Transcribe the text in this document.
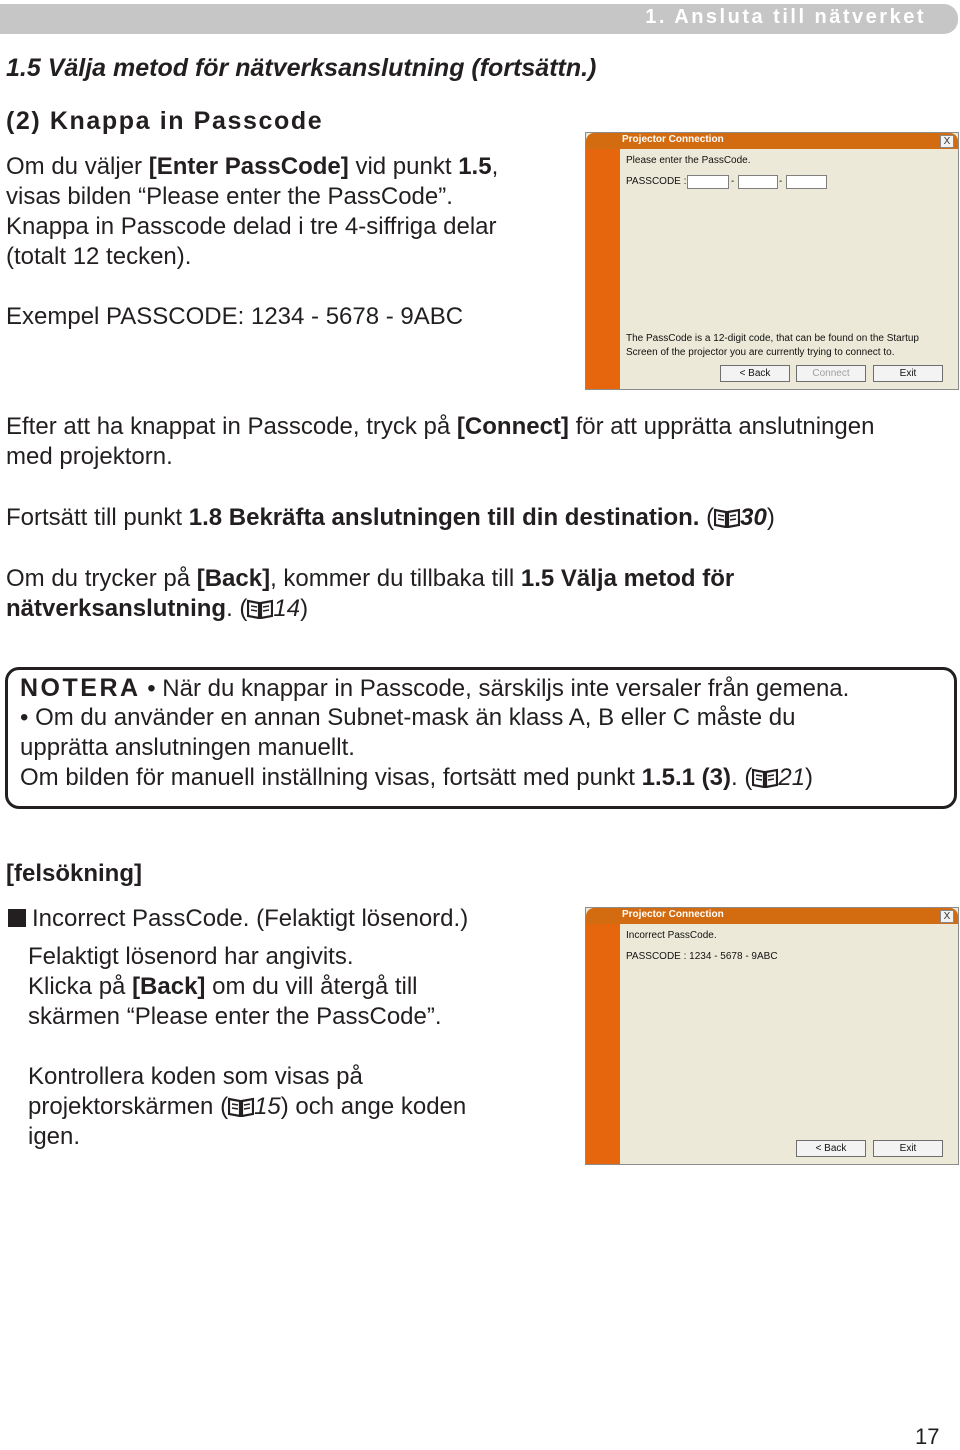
1. Ansluta till nätverket
1.5 Välja metod för nätverksanslutning (fortsättn.)
(2) Knappa in Passcode
Om du väljer [Enter PassCode] vid punkt 1.5,
visas bilden “Please enter the PassCode”.
Knappa in Passcode delad i tre 4-siffriga delar
(totalt 12 tecken).
Exempel PASSCODE: 1234 - 5678 - 9ABC
Projector Connection	X
Please enter the PassCode.
PASSCODE :	-	-
The PassCode is a 12-digit code, that can be found on the Startup
Screen of the projector you are currently trying to connect to.
< Back	Connect	Exit
Efter att ha knappat in Passcode, tryck på [Connect] för att upprätta anslutningen
med projektorn.
Fortsätt till punkt 1.8 Bekräfta anslutningen till din destination. ( 30)
Om du trycker på [Back], kommer du tillbaka till 1.5 Välja metod för
nätverksanslutning. ( 14)
NOTERA • När du knappar in Passcode, särskiljs inte versaler från gemena.
• Om du använder en annan Subnet-mask än klass A, B eller C måste du
upprätta anslutningen manuellt.
Om bilden för manuell inställning visas, fortsätt med punkt 1.5.1 (3). ( 21)
[felsökning]
Incorrect PassCode. (Felaktigt lösenord.)
Felaktigt lösenord har angivits.
Klicka på [Back] om du vill återgå till
skärmen “Please enter the PassCode”.
Kontrollera koden som visas på
projektorskärmen ( 15) och ange koden
igen.
Projector Connection	X
Incorrect PassCode.
PASSCODE : 1234 - 5678 - 9ABC
< Back	Exit
17
